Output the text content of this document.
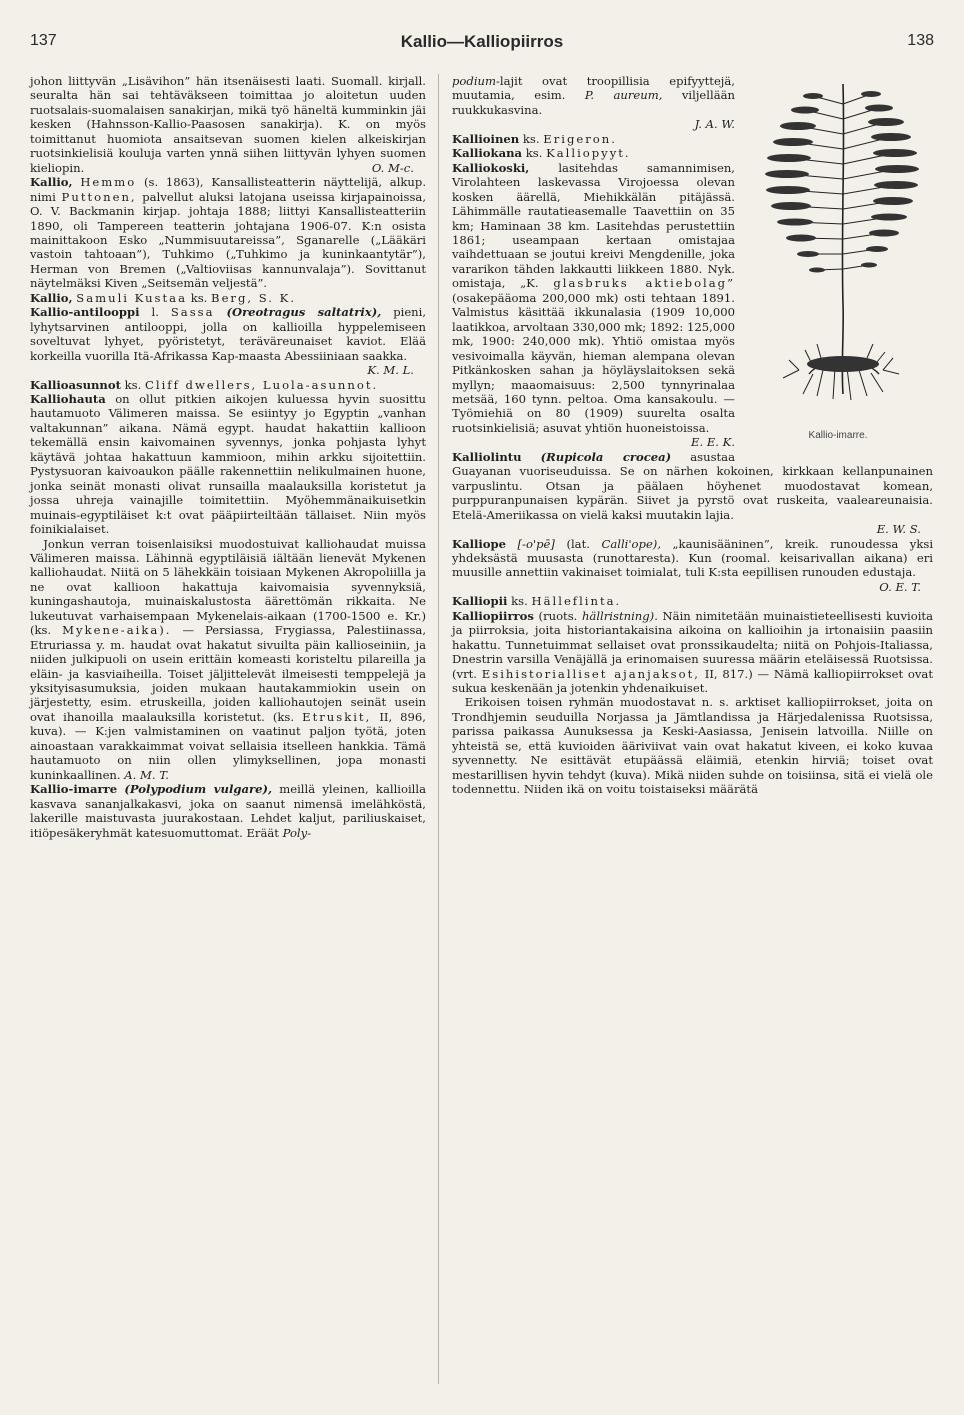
137	Kallio—Kalliopiirros	138

johon liittyvän „Lisävihon” hän itsenäisesti laati. Suomall. kirjall. seuralta hän sai tehtäväkseen toimittaa jo aloitetun uuden ruotsalais-suomalaisen sanakirjan, mikä työ häneltä kumminkin jäi kesken (Hahnsson-Kallio-Paasosen sanakirja). K. on myös toimittanut huomiota ansaitsevan suomen kielen alkeiskirjan ruotsinkielisiä kouluja varten ynnä siihen liittyvän lyhyen suomen kieliopin.	O. M-c.

Kallio, Hemmo (s. 1863), Kansallisteatterin näyttelijä, alkup. nimi Puttonen, palvellut aluksi latojana useissa kirjapainoissa, O. V. Backmanin kirjap. johtaja 1888; liittyi Kansallisteatteriin 1890, oli Tampereen teatterin johtajana 1906-07. K:n osista mainittakoon Esko „Nummisuutareissa”, Sganarelle („Lääkäri vastoin tahtoaan”), Tuhkimo („Tuhkimo ja kuninkaantytär”), Herman von Bremen („Valtioviisas kannunvalaja”). Sovittanut näytelmäksi Kiven „Seitsemän veljestä”.

Kallio, Samuli Kustaa ks. Berg, S. K.

Kallio-antilooppi l. Sassa (Oreotragus saltatrix), pieni, lyhytsarvinen antilooppi, jolla on kallioilla hyppelemiseen soveltuvat lyhyet, pyöristetyt, teräväreunaiset kaviot. Elää korkeilla vuorilla Itä-Afrikassa Kap-maasta Abessiiniaan saakka.
K. M. L.

Kallioasunnot ks. Cliff dwellers, Luola-asunnot.

Kalliohauta on ollut pitkien aikojen kuluessa hyvin suosittu hautamuoto Välimeren maissa. Se esiintyy jo Egyptin „vanhan valtakunnan” aikana. Nämä egypt. haudat hakattiin kallioon tekemällä ensin kaivomainen syvennys, jonka pohjasta lyhyt käytävä johtaa hakattuun kammioon, mihin arkku sijoitettiin. Pystysuoran kaivoaukon päälle rakennettiin nelikulmainen huone, jonka seinät monasti olivat runsailla maalauksilla koristetut ja jossa uhreja vainajille toimitettiin. Myöhemmänaikuisetkin muinais-egyptiläiset k:t ovat pääpiirteiltään tällaiset. Niin myös foinikialaiset.

Jonkun verran toisenlaisiksi muodostuivat kalliohaudat muissa Välimeren maissa. Lähinnä egyptiläisiä iältään lienevät Mykenen kalliohaudat. Niitä on 5 lähekkäin toisiaan Mykenen Akropoliilla ja ne ovat kallioon hakattuja kaivomaisia syvennyksiä, kuningashautoja, muinaiskalustosta äärettömän rikkaita. Ne lukeutuvat varhaisempaan Mykenelais-aikaan (1700-1500 e. Kr.) (ks. Mykene-aika). — Persiassa, Frygiassa, Palestiinassa, Etruriassa y. m. haudat ovat hakatut sivuilta päin kallioseiniin, ja niiden julkipuoli on usein erittäin komeasti koristeltu pilareilla ja eläin- ja kasviaiheilla. Toiset jäljittelevät ilmeisesti temppelejä ja yksityisasumuksia, joiden mukaan hautakammiokin usein on järjestetty, esim. etruskeilla, joiden kalliohautojen seinät usein ovat ihanoilla maalauksilla koristetut. (ks. Etruskit, II, 896, kuva). — K:jen valmistaminen on vaatinut paljon työtä, joten ainoastaan varakkaimmat voivat sellaisia itselleen hankkia. Tämä hautamuoto on niin ollen ylimyksellinen, jopa monasti kuninkaallinen. A. M. T.

Kallio-imarre (Polypodium vulgare), meillä yleinen, kallioilla kasvava sananjalkakasvi, joka on saanut nimensä imelähköstä, lakerille maistuvasta juurakostaan. Lehdet kaljut, pariliuskaiset, itiöpesäkeryhmät katesuomuttomat. Eräät Poly-

Kallio-imarre.

podium-lajit ovat troopillisia epifyyttejä, muutamia, esim. P. aureum, viljellään ruukkukasvina.
J. A. W.

Kallioinen ks. Erigeron.

Kalliokana ks. Kalliopyyt.

Kalliokoski,	lasitehdas samannimisen, Virolahteen laskevassa Virojoessa olevan kosken äärellä, Miehikkälän pitäjässä. Lähimmälle rautatieasemalle Taavettiin on 35 km; Haminaan 38 km. Lasitehdas perustettiin 1861; useampaan kertaan omistajaa vaihdettuaan se joutui kreivi Mengdenille, joka vararikon tähden lakkautti liikkeen 1880. Nyk. omistaja, „K. glasbruks aktiebolag” (osakepääoma 200,000 mk) osti tehtaan 1891. Valmistus käsittää ikkunalasia (1909 10,000 laatikkoa, arvoltaan 330,000 mk; 1892: 125,000 mk, 1900: 240,000 mk). Yhtiö omistaa myös vesivoimalla käyvän, hieman alempana olevan Pitkänkosken sahan ja höyläyslaitoksen sekä myllyn; maaomaisuus: 2,500 tynnyrinalaa metsää, 160 tynn. peltoa. Oma kansakoulu. — Työmiehiä on 80 (1909) suurelta osalta ruotsinkielisiä; asuvat yhtiön huoneistoissa.
E. E. K.

Kalliolintu (Rupicola crocea) asustaa Guayanan vuoriseuduissa. Se on närhen kokoinen, kirkkaan kellanpunainen varpuslintu. Otsan ja päälaen höyhenet muodostavat komean, purppuranpunaisen kypärän. Siivet ja pyrstö ovat ruskeita, vaaleareunaisia. Etelä-Ameriikassa on vielä kaksi muutakin lajia.
E. W. S.

Kalliope [-o'pē] (lat. Calli'ope), „kaunisääninen”, kreik. runoudessa yksi yhdeksästä muusasta (runottaresta). Kun (roomal. keisarivallan aikana) eri muusille annettiin vakinaiset toimialat, tuli K:sta eepillisen runouden edustaja.
O. E. T.

Kalliopii ks. Hälleflinta.

Kalliopiirros (ruots. hällristning). Näin nimitetään muinaistieteellisesti kuvioita ja piirroksia, joita historiantakaisina aikoina on kallioihin ja irtonaisiin paasiin hakattu. Tunnetuimmat sellaiset ovat pronssikaudelta; niitä on Pohjois-Italiassa, Dnestrin varsilla Venäjällä ja erinomaisen suuressa määrin eteläisessä Ruotsissa. (vrt. Esihistorialliset ajanjaksot, II, 817.) — Nämä kalliopiirrokset ovat sukua keskenään ja jotenkin yhdenaikuiset.

Erikoisen toisen ryhmän muodostavat n. s. arktiset kalliopiirrokset, joita on Trondhjemin seuduilla Norjassa ja Jämtlandissa ja Härjedalenissa Ruotsissa, parissa paikassa Aunuksessa ja Keski-Aasiassa, Jenisein latvoilla. Niille on yhteistä se, että kuvioiden ääriviivat vain ovat hakatut kiveen, ei koko kuvaa syvennetty. Ne esittävät etupäässä eläimiä, etenkin hirviä; toiset ovat mestarillisen hyvin tehdyt (kuva). Mikä niiden suhde on toisiinsa, sitä ei vielä ole todennettu. Niiden ikä on voitu toistaiseksi määrätä
